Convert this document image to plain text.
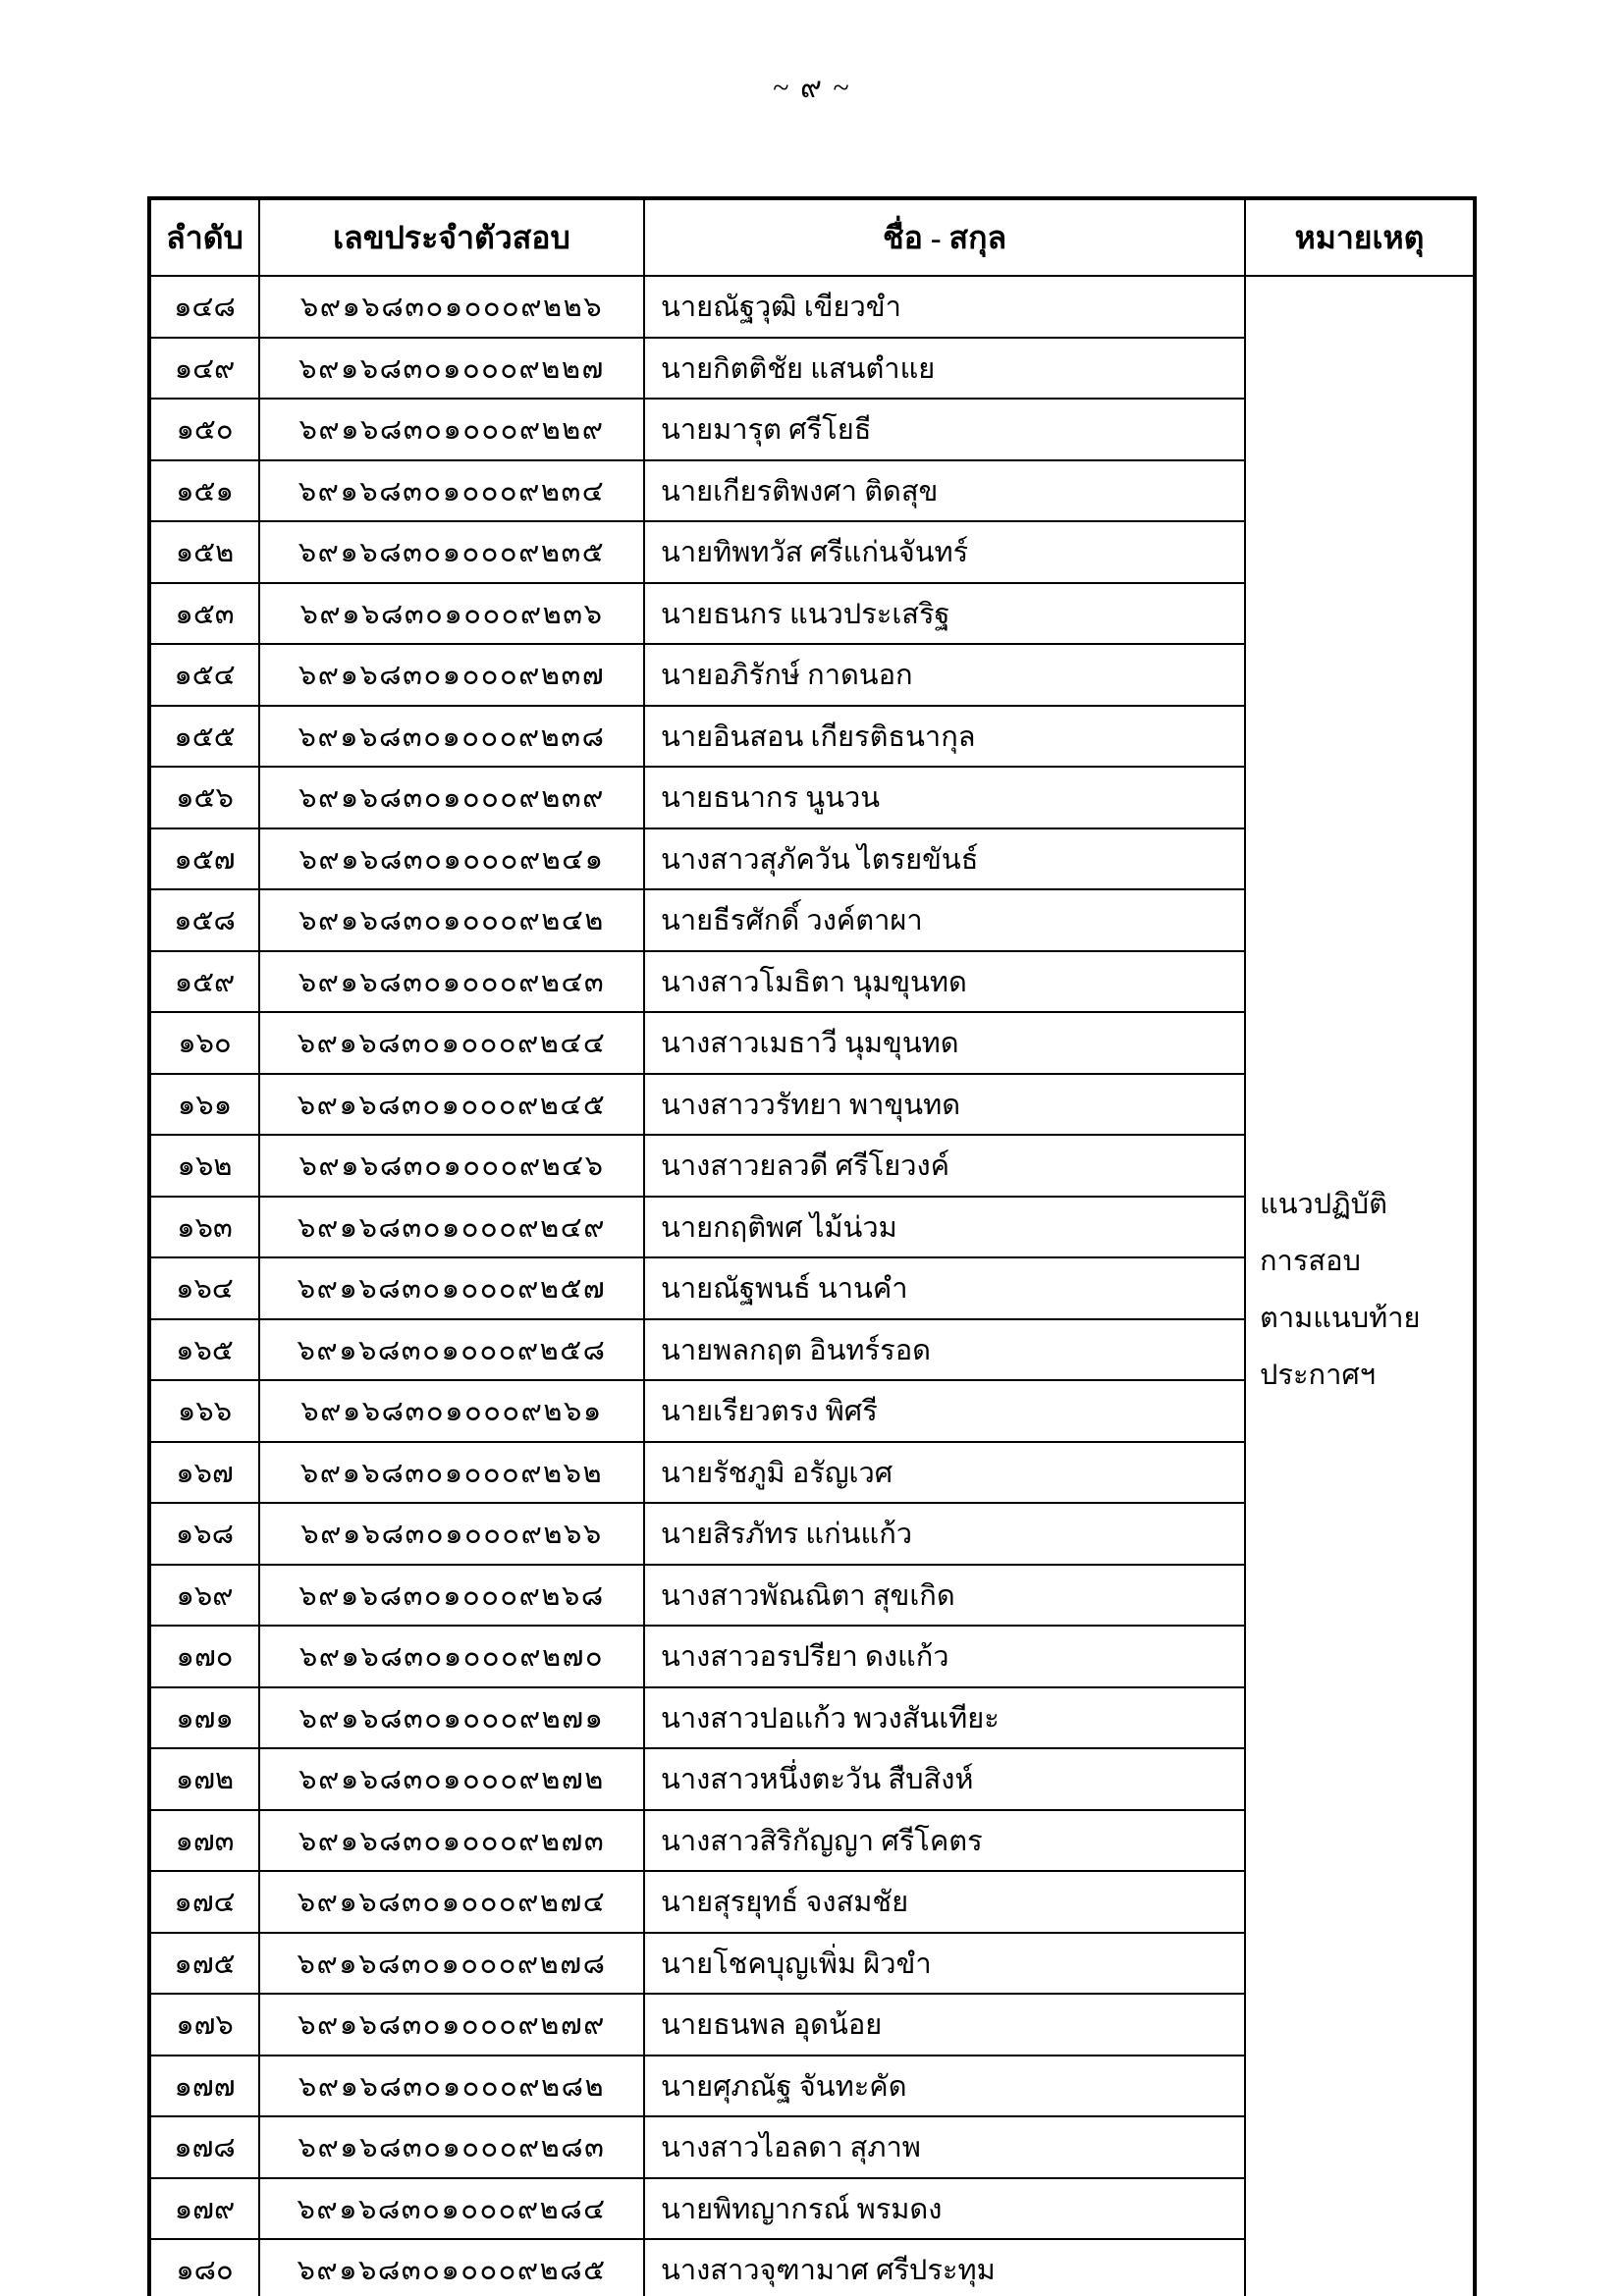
~ ๙ ~
ลำดับ	เลขประจำตัวสอบ	ชื่อ - สกุล	หมายเหตุ
๑๔๘	๖๙๑๖๘๓๐๑๐๐๐๙๒๒๖	นายณัฐวุฒิ เขียวขำ	แนวปฏิบัติ
การสอบ
ตามแนบท้าย
ประกาศฯ

๑๔๙	๖๙๑๖๘๓๐๑๐๐๐๙๒๒๗	นายกิตติชัย แสนตำแย	
๑๕๐	๖๙๑๖๘๓๐๑๐๐๐๙๒๒๙	นายมารุต ศรีโยธี	
๑๕๑	๖๙๑๖๘๓๐๑๐๐๐๙๒๓๔	นายเกียรติพงศา ติดสุข	
๑๕๒	๖๙๑๖๘๓๐๑๐๐๐๙๒๓๕	นายทิพทวัส ศรีแก่นจันทร์	
๑๕๓	๖๙๑๖๘๓๐๑๐๐๐๙๒๓๖	นายธนกร แนวประเสริฐ	
๑๕๔	๖๙๑๖๘๓๐๑๐๐๐๙๒๓๗	นายอภิรักษ์ กาดนอก	
๑๕๕	๖๙๑๖๘๓๐๑๐๐๐๙๒๓๘	นายอินสอน เกียรติธนากุล	
๑๕๖	๖๙๑๖๘๓๐๑๐๐๐๙๒๓๙	นายธนากร นูนวน	
๑๕๗	๖๙๑๖๘๓๐๑๐๐๐๙๒๔๑	นางสาวสุภัควัน ไตรยขันธ์	
๑๕๘	๖๙๑๖๘๓๐๑๐๐๐๙๒๔๒	นายธีรศักดิ์ วงค์ตาผา	
๑๕๙	๖๙๑๖๘๓๐๑๐๐๐๙๒๔๓	นางสาวโมธิตา นุมขุนทด	
๑๖๐	๖๙๑๖๘๓๐๑๐๐๐๙๒๔๔	นางสาวเมธาวี นุมขุนทด	
๑๖๑	๖๙๑๖๘๓๐๑๐๐๐๙๒๔๕	นางสาววรัทยา พาขุนทด	
๑๖๒	๖๙๑๖๘๓๐๑๐๐๐๙๒๔๖	นางสาวยลวดี ศรีโยวงค์	
๑๖๓	๖๙๑๖๘๓๐๑๐๐๐๙๒๔๙	นายกฤติพศ ไม้น่วม	
๑๖๔	๖๙๑๖๘๓๐๑๐๐๐๙๒๕๗	นายณัฐพนธ์ นานคำ	
๑๖๕	๖๙๑๖๘๓๐๑๐๐๐๙๒๕๘	นายพลกฤต อินทร์รอด	
๑๖๖	๖๙๑๖๘๓๐๑๐๐๐๙๒๖๑	นายเรียวตรง พิศรี	
๑๖๗	๖๙๑๖๘๓๐๑๐๐๐๙๒๖๒	นายรัชภูมิ อรัญเวศ	
๑๖๘	๖๙๑๖๘๓๐๑๐๐๐๙๒๖๖	นายสิรภัทร แก่นแก้ว	
๑๖๙	๖๙๑๖๘๓๐๑๐๐๐๙๒๖๘	นางสาวพัณณิตา สุขเกิด	
๑๗๐	๖๙๑๖๘๓๐๑๐๐๐๙๒๗๐	นางสาวอรปรียา ดงแก้ว	
๑๗๑	๖๙๑๖๘๓๐๑๐๐๐๙๒๗๑	นางสาวปอแก้ว พวงสันเทียะ	
๑๗๒	๖๙๑๖๘๓๐๑๐๐๐๙๒๗๒	นางสาวหนึ่งตะวัน สืบสิงห์	
๑๗๓	๖๙๑๖๘๓๐๑๐๐๐๙๒๗๓	นางสาวสิริกัญญา ศรีโคตร	
๑๗๔	๖๙๑๖๘๓๐๑๐๐๐๙๒๗๔	นายสุรยุทธ์ จงสมชัย	
๑๗๕	๖๙๑๖๘๓๐๑๐๐๐๙๒๗๘	นายโชคบุญเพิ่ม ผิวขำ	
๑๗๖	๖๙๑๖๘๓๐๑๐๐๐๙๒๗๙	นายธนพล อุดน้อย	
๑๗๗	๖๙๑๖๘๓๐๑๐๐๐๙๒๘๒	นายศุภณัฐ จันทะคัด	
๑๗๘	๖๙๑๖๘๓๐๑๐๐๐๙๒๘๓	นางสาวไอลดา สุภาพ	
๑๗๙	๖๙๑๖๘๓๐๑๐๐๐๙๒๘๔	นายพิทญากรณ์ พรมดง	
๑๘๐	๖๙๑๖๘๓๐๑๐๐๐๙๒๘๕	นางสาวจุฑามาศ ศรีประทุม	
